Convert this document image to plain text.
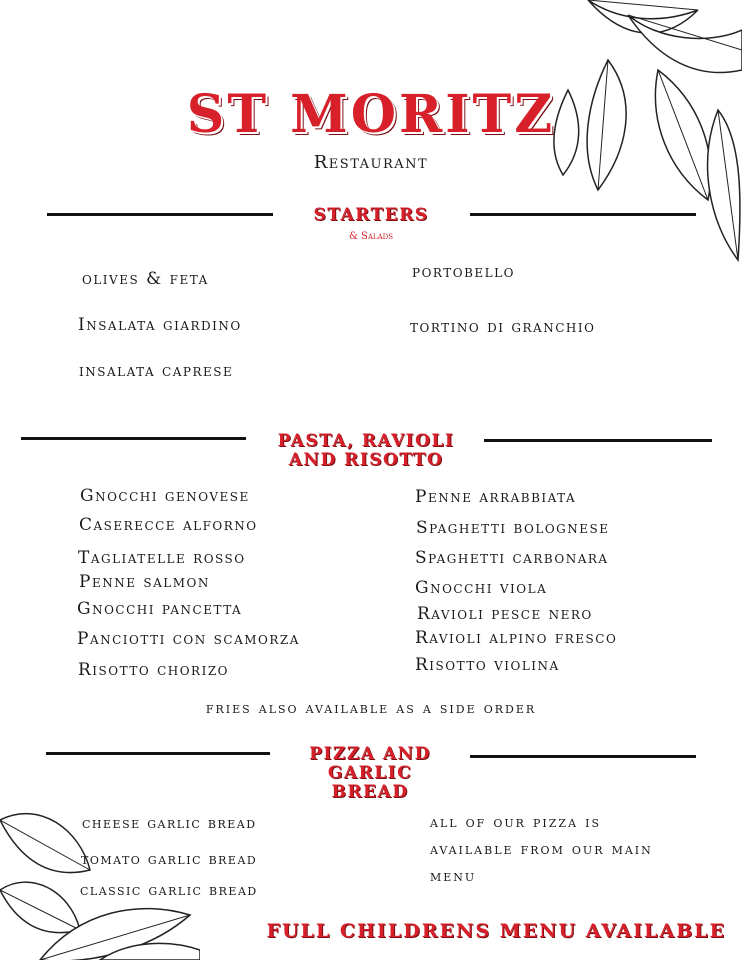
ST MORITZ
Restaurant
STARTERS
& Salads
olives & feta
Insalata giardino
insalata caprese
portobello
tortino di granchio
PASTA, RAVIOLI
AND RISOTTO
Gnocchi genovese
Caserecce alforno
Tagliatelle rosso
Penne salmon
Gnocchi pancetta
Panciotti con scamorza
Risotto chorizo
Penne arrabbiata
Spaghetti bolognese
Spaghetti carbonara
Gnocchi viola
Ravioli pesce nero
Ravioli alpino fresco
Risotto violina
fries also available as a side order
PIZZA AND
GARLIC
BREAD
cheese garlic bread
tomato garlic bread
classic garlic bread
all of our pizza is
available from our main
menu
FULL CHILDRENS MENU AVAILABLE
